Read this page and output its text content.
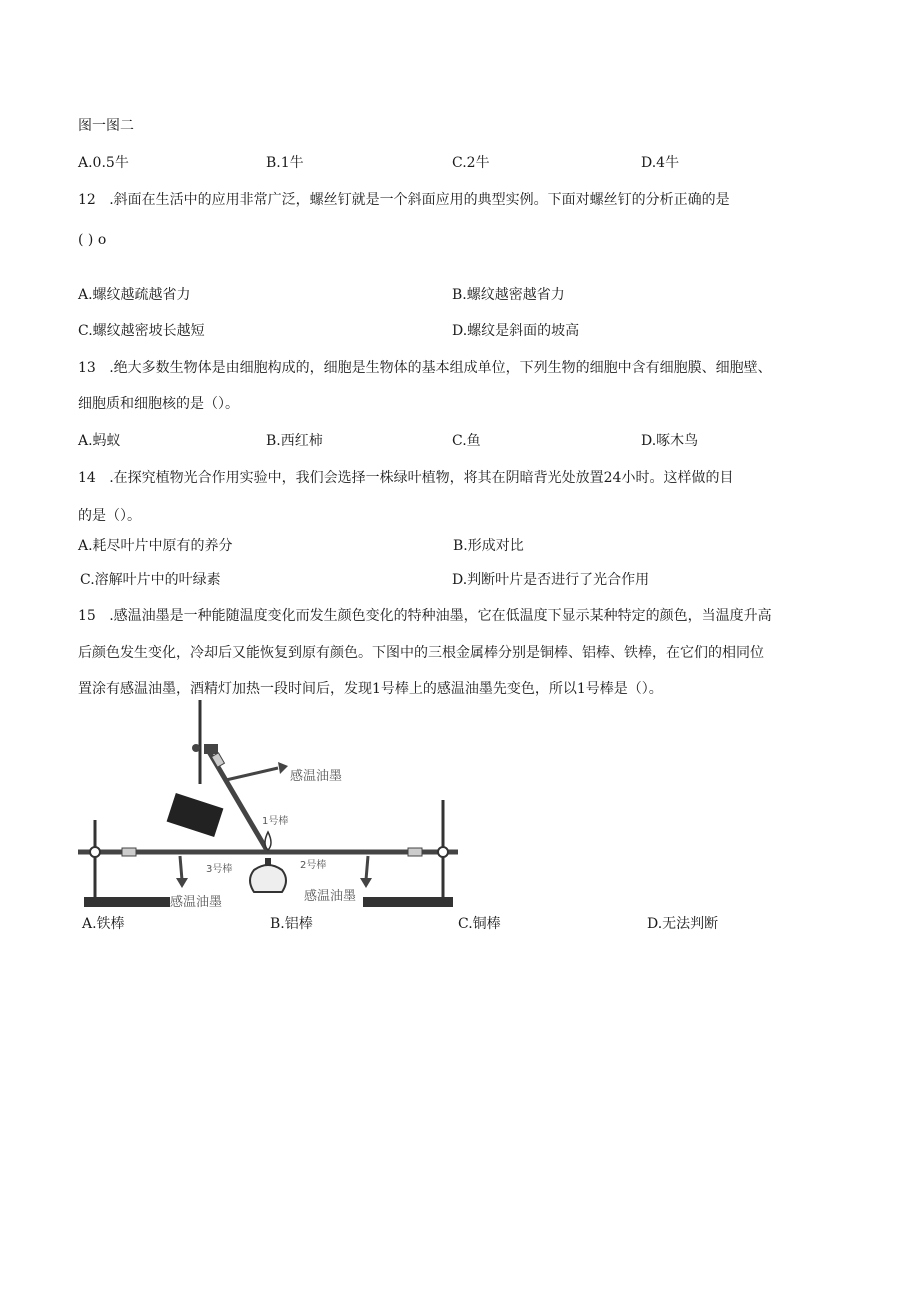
图一图二
A.0.5牛	B.1牛	C.2牛	D.4牛
12 .斜面在生活中的应用非常广泛，螺丝钉就是一个斜面应用的典型实例。下面对螺丝钉的分析正确的是
( ) o
A.螺纹越疏越省力	B.螺纹越密越省力
C.螺纹越密坡长越短	D.螺纹是斜面的坡高
13 .绝大多数生物体是由细胞构成的，细胞是生物体的基本组成单位，下列生物的细胞中含有细胞膜、细胞壁、
细胞质和细胞核的是（）。
A.蚂蚁	B.西红柿	C.鱼	D.啄木鸟
14 .在探究植物光合作用实验中，我们会选择一株绿叶植物，将其在阴暗背光处放置24小时。这样做的目
的是（）。
A.耗尽叶片中原有的养分	B.形成对比
C.溶解叶片中的叶绿素	D.判断叶片是否进行了光合作用
15 .感温油墨是一种能随温度变化而发生颜色变化的特种油墨，它在低温度下显示某种特定的颜色，当温度升高
后颜色发生变化，冷却后又能恢复到原有颜色。下图中的三根金属棒分别是铜棒、铝棒、铁棒，在它们的相同位
置涂有感温油墨，酒精灯加热一段时间后，发现1号棒上的感温油墨先变色，所以1号棒是（）。
感温油墨
1号棒
2号棒
3号棒
感温油墨	感温油墨
A.铁棒	B.铝棒	C.铜棒	D.无法判断
